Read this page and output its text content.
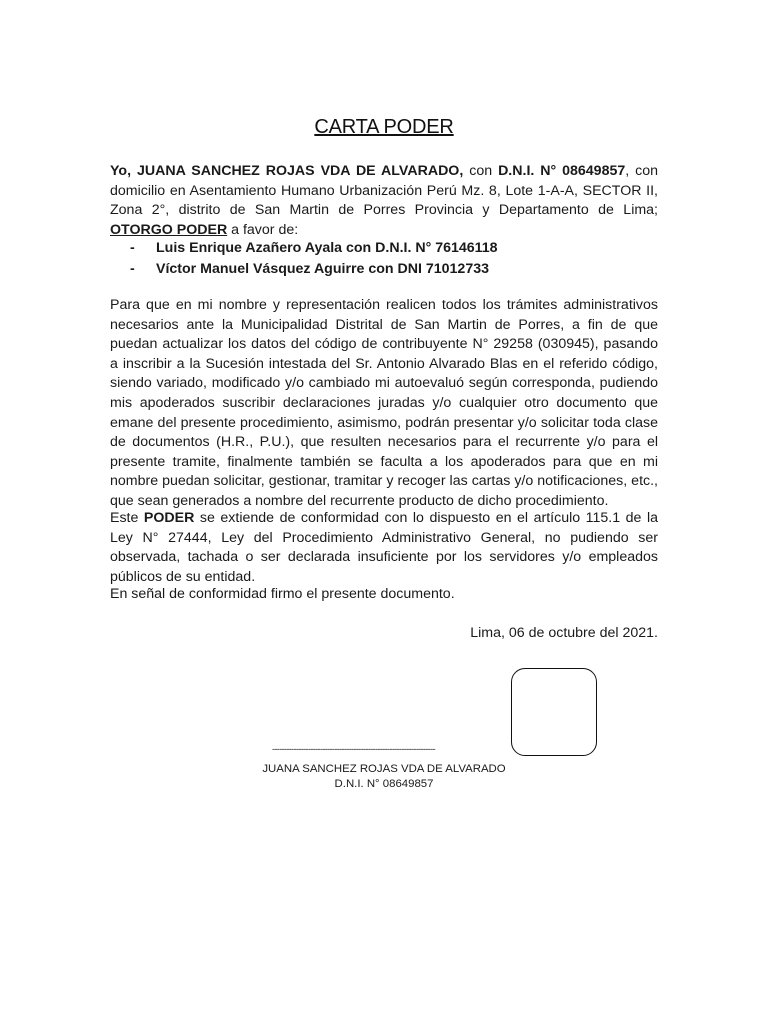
CARTA PODER
Yo, JUANA SANCHEZ ROJAS VDA DE ALVARADO, con D.N.I. N° 08649857, con domicilio en Asentamiento Humano Urbanización Perú Mz. 8, Lote 1-A-A, SECTOR II, Zona 2°, distrito de San Martin de Porres Provincia y Departamento de Lima; OTORGO PODER a favor de:
- Luis Enrique Azañero Ayala con D.N.I. N° 76146118
- Víctor Manuel Vásquez Aguirre con DNI 71012733
Para que en mi nombre y representación realicen todos los trámites administrativos necesarios ante la Municipalidad Distrital de San Martin de Porres, a fin de que puedan actualizar los datos del código de contribuyente N° 29258 (030945), pasando a inscribir a la Sucesión intestada del Sr. Antonio Alvarado Blas en el referido código, siendo variado, modificado y/o cambiado mi autoevaluó según corresponda, pudiendo mis apoderados suscribir declaraciones juradas y/o cualquier otro documento que emane del presente procedimiento, asimismo, podrán presentar y/o solicitar toda clase de documentos (H.R., P.U.), que resulten necesarios para el recurrente y/o para el presente tramite, finalmente también se faculta a los apoderados para que en mi nombre puedan solicitar, gestionar, tramitar y recoger las cartas y/o notificaciones, etc., que sean generados a nombre del recurrente producto de dicho procedimiento.
Este PODER se extiende de conformidad con lo dispuesto en el artículo 115.1 de la Ley N° 27444, Ley del Procedimiento Administrativo General, no pudiendo ser observada, tachada o ser declarada insuficiente por los servidores y/o empleados públicos de su entidad.
En señal de conformidad firmo el presente documento.
Lima, 06 de octubre del 2021.
--------------------------------------------------------------------
JUANA SANCHEZ ROJAS VDA DE ALVARADO
D.N.I. N° 08649857
